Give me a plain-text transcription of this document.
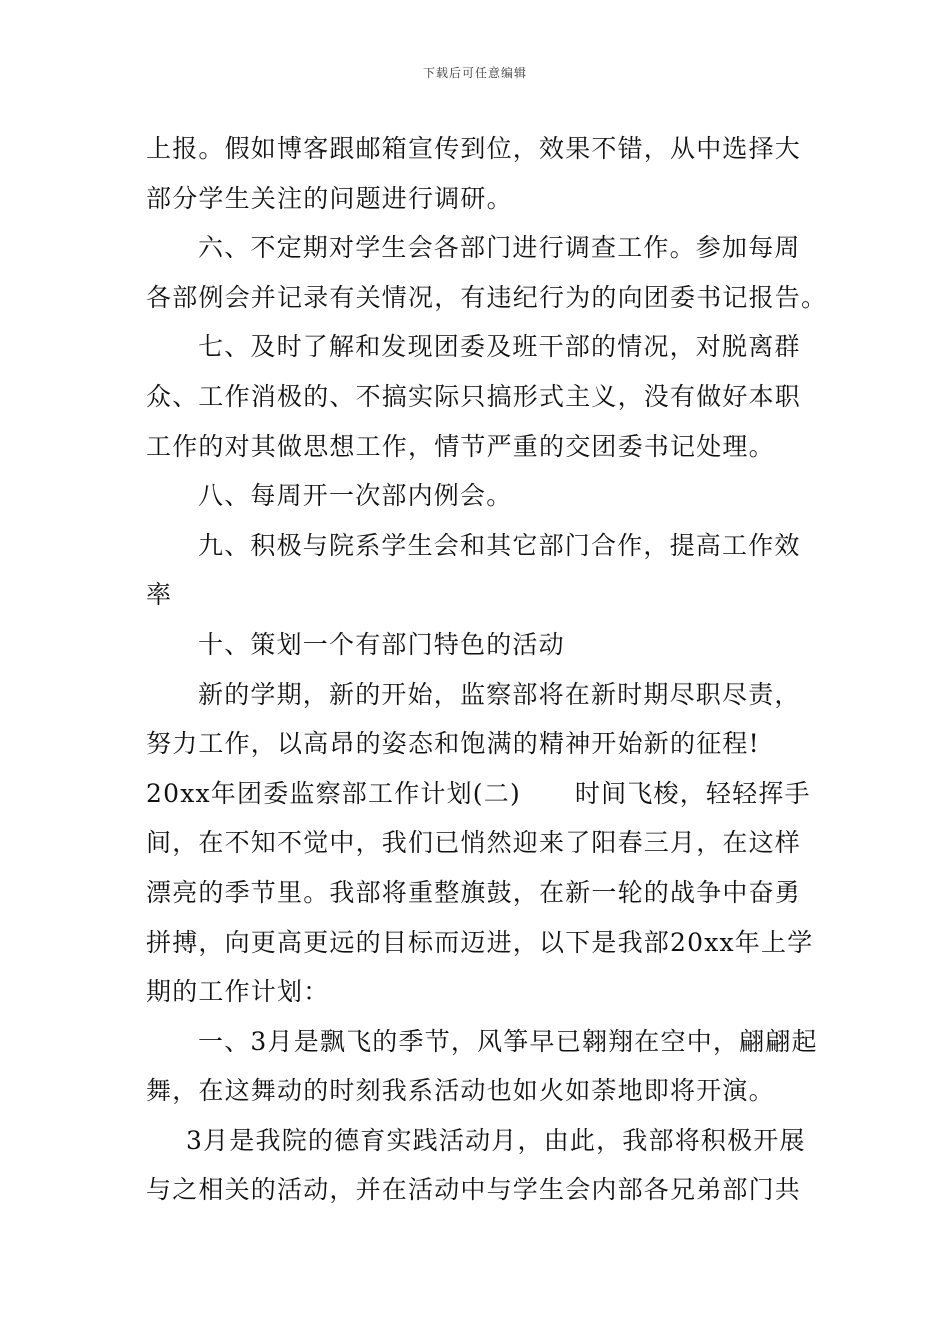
下载后可任意编辑
上报。假如博客跟邮箱宣传到位，效果不错，从中选择大
部分学生关注的问题进行调研。
六、不定期对学生会各部门进行调查工作。参加每周
各部例会并记录有关情况，有违纪行为的向团委书记报告。
七、及时了解和发现团委及班干部的情况，对脱离群
众、工作消极的、不搞实际只搞形式主义，没有做好本职
工作的对其做思想工作，情节严重的交团委书记处理。
八、每周开一次部内例会。
九、积极与院系学生会和其它部门合作，提高工作效
率
十、策划一个有部门特色的活动
新的学期，新的开始，监察部将在新时期尽职尽责，
努力工作，以高昂的姿态和饱满的精神开始新的征程!
20xx年团委监察部工作计划(二) 时间飞梭，轻轻挥手
间，在不知不觉中，我们已悄然迎来了阳春三月，在这样
漂亮的季节里。我部将重整旗鼓，在新一轮的战争中奋勇
拼搏，向更高更远的目标而迈进，以下是我部20xx年上学
期的工作计划：
一、3月是飘飞的季节，风筝早已翱翔在空中，翩翩起
舞，在这舞动的时刻我系活动也如火如荼地即将开演。
3月是我院的德育实践活动月，由此，我部将积极开展
与之相关的活动，并在活动中与学生会内部各兄弟部门共
